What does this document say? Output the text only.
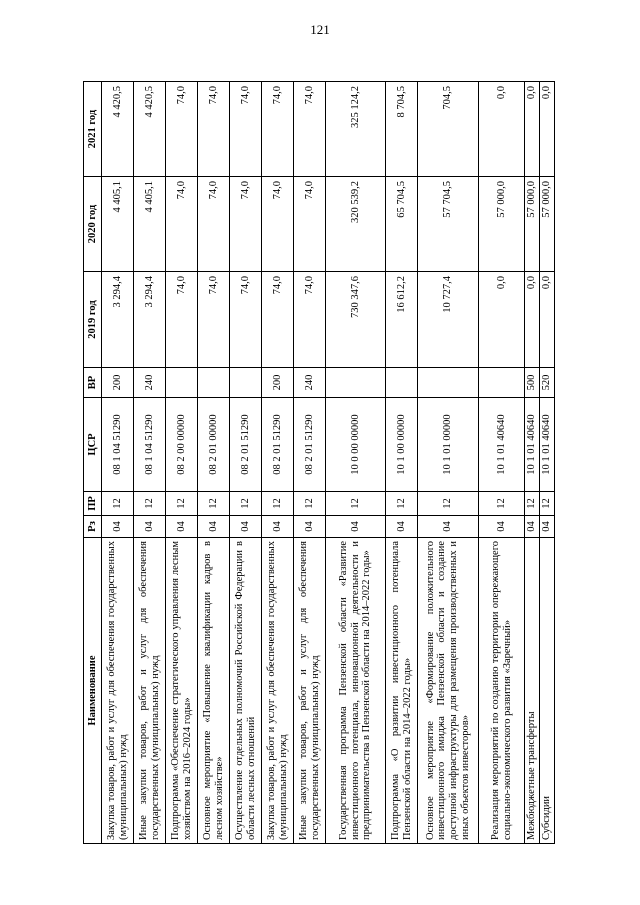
121
Наименование	Рз	ПР	ЦСР	ВР	2019 год	2020 год	2021 год
Закупка товаров, работ и услуг для обеспечения государственных (муниципальных) нужд	04	12	08 1 04 51290	200	3 294,4	4 405,1	4 420,5
Иные закупки товаров, работ и услуг для обеспечения государственных (муниципальных) нужд	04	12	08 1 04 51290	240	3 294,4	4 405,1	4 420,5
Подпрограмма «Обеспечение стратегического управления лесным хозяйством на 2016–2024 годы»	04	12	08 2 00 00000		74,0	74,0	74,0
Основное мероприятие «Повышение квалификации кадров в лесном хозяйстве»	04	12	08 2 01 00000		74,0	74,0	74,0
Осуществление отдельных полномочий Российской Федерации в области лесных отношений	04	12	08 2 01 51290		74,0	74,0	74,0
Закупка товаров, работ и услуг для обеспечения государственных (муниципальных) нужд	04	12	08 2 01 51290	200	74,0	74,0	74,0
Иные закупки товаров, работ и услуг для обеспечения государственных (муниципальных) нужд	04	12	08 2 01 51290	240	74,0	74,0	74,0
Государственная программа Пензенской области «Развитие инвестиционного потенциала, инновационной деятельности и предпринимательства в Пензенской области на 2014–2022 годы»	04	12	10 0 00 00000		730 347,6	320 539,2	325 124,2
Подпрограмма «О развитии инвестиционного потенциала Пензенской области на 2014–2022 годы»	04	12	10 1 00 00000		16 612,2	65 704,5	8 704,5
Основное мероприятие «Формирование положительного инвестиционного имиджа Пензенской области и создание доступной инфраструктуры для размещения производственных и иных объектов инвесторов»	04	12	10 1 01 00000		10 727,4	57 704,5	704,5
Реализация мероприятий по созданию территории опережающего социально-экономического развития «Заречный»	04	12	10 1 01 40640		0,0	57 000,0	0,0
Межбюджетные трансферты	04	12	10 1 01 40640	500	0,0	57 000,0	0,0
Субсидии	04	12	10 1 01 40640	520	0,0	57 000,0	0,0
